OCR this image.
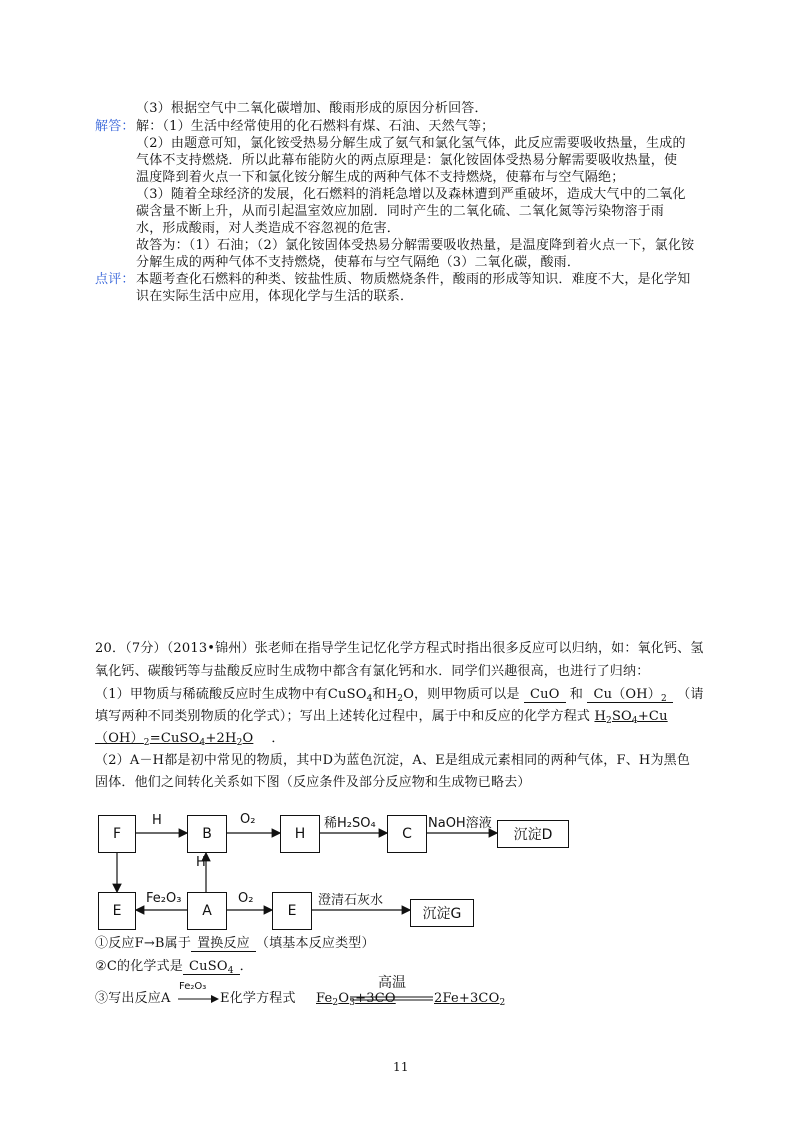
（3）根据空气中二氧化碳增加、酸雨形成的原因分析回答．
解答： 解：（1）生活中经常使用的化石燃料有煤、石油、天然气等；
（2）由题意可知，氯化铵受热易分解生成了氨气和氯化氢气体，此反应需要吸收热量，生成的
气体不支持燃烧．所以此幕布能防火的两点原理是：氯化铵固体受热易分解需要吸收热量，使
温度降到着火点一下和氯化铵分解生成的两种气体不支持燃烧，使幕布与空气隔绝；
（3）随着全球经济的发展，化石燃料的消耗急增以及森林遭到严重破坏，造成大气中的二氧化
碳含量不断上升，从而引起温室效应加剧．同时产生的二氧化硫、二氧化氮等污染物溶于雨
水，形成酸雨，对人类造成不容忽视的危害．
故答为：（1）石油；（2）氯化铵固体受热易分解需要吸收热量，是温度降到着火点一下，氯化铵
分解生成的两种气体不支持燃烧，使幕布与空气隔绝（3）二氧化碳，酸雨．
点评： 本题考查化石燃料的种类、铵盐性质、物质燃烧条件，酸雨的形成等知识．难度不大，是化学知
识在实际生活中应用，体现化学与生活的联系．
20．（7分）（2013•锦州）张老师在指导学生记忆化学方程式时指出很多反应可以归纳，如：氧化钙、氢
氧化钙、碳酸钙等与盐酸反应时生成物中都含有氯化钙和水．同学们兴趣很高，也进行了归纳：
（1）甲物质与稀硫酸反应时生成物中有CuSO$_4$和$H_2O$，则甲物质可以是 CuO 和 $Cu(OH)_2$ （请
填写两种不同类别物质的化学式）；写出上述转化过程中，属于中和反应的化学方程式 $H_2SO_4+Cu$
$(OH)_2=CuSO_4+2H_2O$ ．
（2）A－H都是初中常见的物质，其中D为蓝色沉淀，A、E是组成元素相同的两种气体，F、H为黑色
固体．他们之间转化关系如下图（反应条件及部分反应物和生成物已略去）
F	B	H	C	沉淀D
E	A	E	沉淀G
H	O₂	稀H₂SO₄	NaOH溶液
H
Fe₂O₃	O₂	澄清石灰水
①反应F→B属于 置换反应 （填基本反应类型）
②C的化学式是 CuSO$_4$ ．
③写出反应A
Fe₂O₃
E化学方程式 $Fe_2O_3+3CO$
高温
$2Fe+3CO_2$
11
